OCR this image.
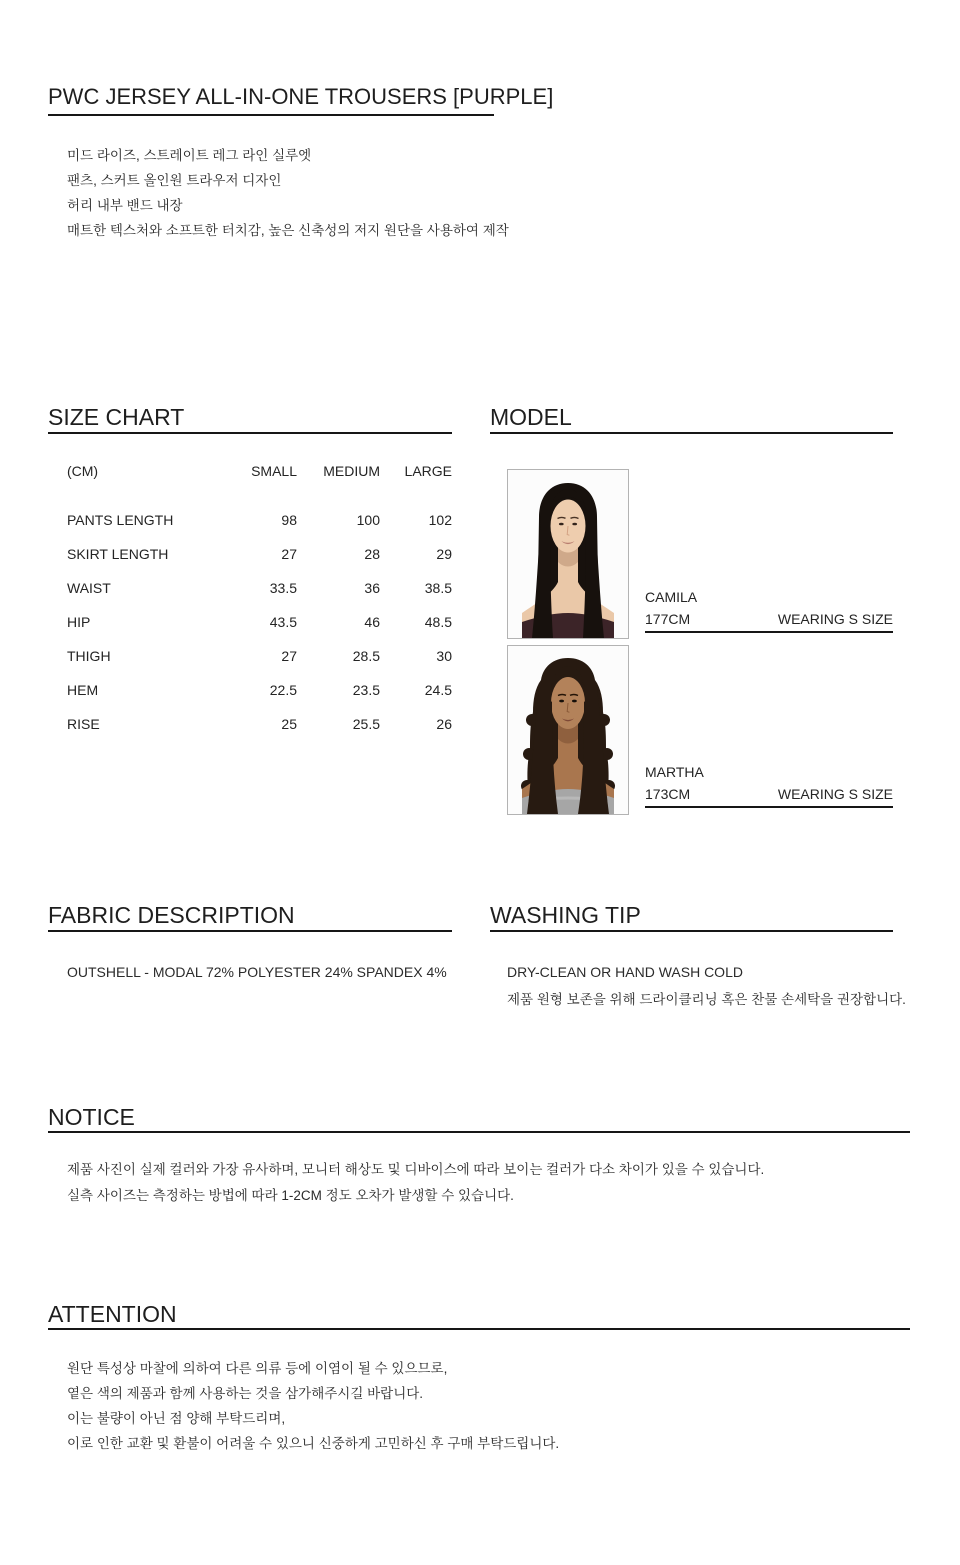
PWC JERSEY ALL-IN-ONE TROUSERS [PURPLE]
미드 라이즈, 스트레이트 레그 라인 실루엣
팬츠, 스커트 올인원 트라우저 디자인
허리 내부 밴드 내장
매트한 텍스처와 소프트한 터치감, 높은 신축성의 저지 원단을 사용하여 제작
SIZE CHART
(CM)	SMALL	MEDIUM	LARGE
PANTS LENGTH	98	100	102
SKIRT LENGTH	27	28	29
WAIST	33.5	36	38.5
HIP	43.5	46	48.5
THIGH	27	28.5	30
HEM	22.5	23.5	24.5
RISE	25	25.5	26
MODEL
CAMILA
177CM	WEARING S SIZE
MARTHA
173CM	WEARING S SIZE
FABRIC DESCRIPTION
OUTSHELL - MODAL 72% POLYESTER 24% SPANDEX 4%
WASHING TIP
DRY-CLEAN OR HAND WASH COLD
제품 원형 보존을 위해 드라이클리닝 혹은 찬물 손세탁을 권장합니다.
NOTICE
제품 사진이 실제 컬러와 가장 유사하며, 모니터 해상도 및 디바이스에 따라 보이는 컬러가 다소 차이가 있을 수 있습니다.
실측 사이즈는 측정하는 방법에 따라 1-2CM 정도 오차가 발생할 수 있습니다.
ATTENTION
원단 특성상 마찰에 의하여 다른 의류 등에 이염이 될 수 있으므로,
옅은 색의 제품과 함께 사용하는 것을 삼가해주시길 바랍니다.
이는 불량이 아닌 점 양해 부탁드리며,
이로 인한 교환 및 환불이 어려울 수 있으니 신중하게 고민하신 후 구매 부탁드립니다.
